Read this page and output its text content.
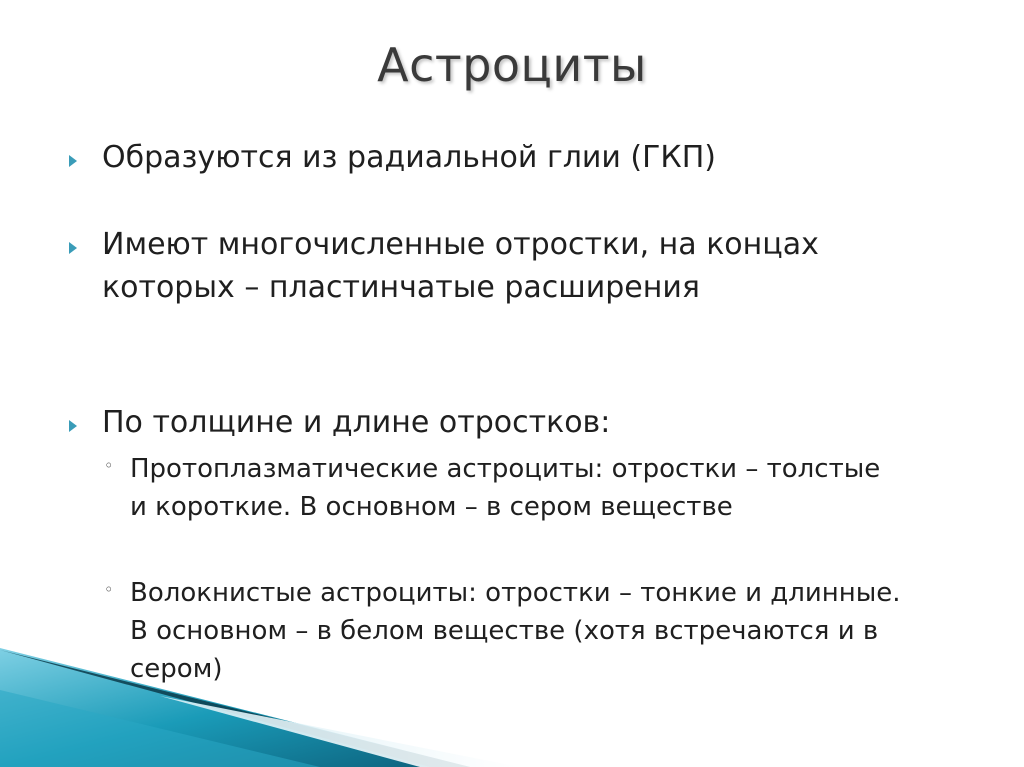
Астроциты
Образуются из радиальной глии (ГКП)
Имеют многочисленные отростки, на концах которых – пластинчатые расширения
По толщине и длине отростков:
◦ Протоплазматические астроциты: отростки – толстые и короткие. В основном – в сером веществе
◦ Волокнистые астроциты: отростки – тонкие и длинные. В основном – в белом веществе (хотя встречаются и в сером)
